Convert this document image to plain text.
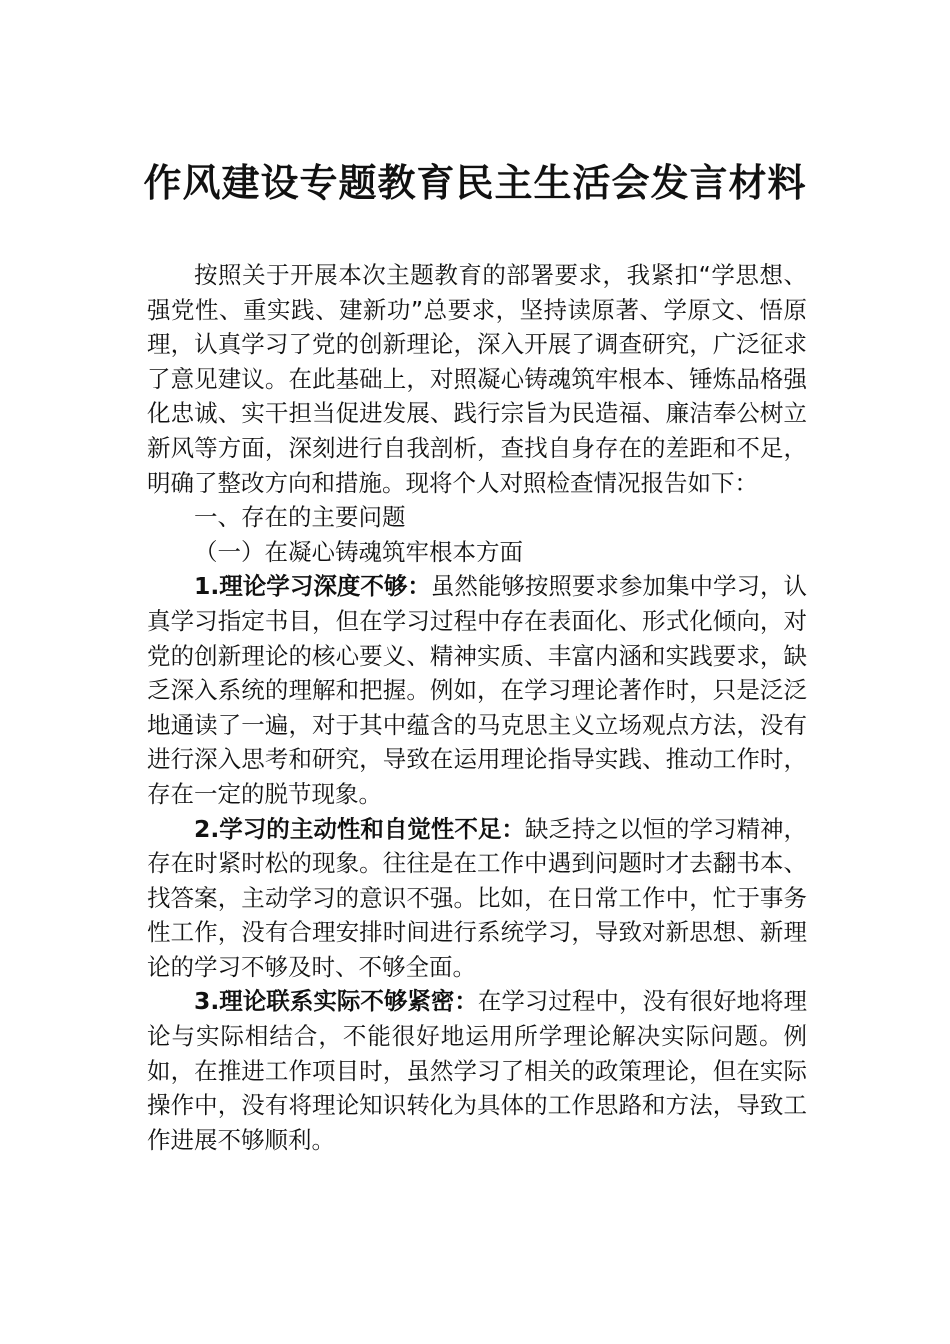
作风建设专题教育民主生活会发言材料

按照关于开展本次主题教育的部署要求，我紧扣“学思想、强党性、重实践、建新功”总要求，坚持读原著、学原文、悟原理，认真学习了党的创新理论，深入开展了调查研究，广泛征求了意见建议。在此基础上，对照凝心铸魂筑牢根本、锤炼品格强化忠诚、实干担当促进发展、践行宗旨为民造福、廉洁奉公树立新风等方面，深刻进行自我剖析，查找自身存在的差距和不足，明确了整改方向和措施。现将个人对照检查情况报告如下：

一、存在的主要问题
（一）在凝心铸魂筑牢根本方面

1.理论学习深度不够：虽然能够按照要求参加集中学习，认真学习指定书目，但在学习过程中存在表面化、形式化倾向，对党的创新理论的核心要义、精神实质、丰富内涵和实践要求，缺乏深入系统的理解和把握。例如，在学习理论著作时，只是泛泛地通读了一遍，对于其中蕴含的马克思主义立场观点方法，没有进行深入思考和研究，导致在运用理论指导实践、推动工作时，存在一定的脱节现象。

2.学习的主动性和自觉性不足：缺乏持之以恒的学习精神，存在时紧时松的现象。往往是在工作中遇到问题时才去翻书本、找答案，主动学习的意识不强。比如，在日常工作中，忙于事务性工作，没有合理安排时间进行系统学习，导致对新思想、新理论的学习不够及时、不够全面。

3.理论联系实际不够紧密：在学习过程中，没有很好地将理论与实际相结合，不能很好地运用所学理论解决实际问题。例如，在推进工作项目时，虽然学习了相关的政策理论，但在实际操作中，没有将理论知识转化为具体的工作思路和方法，导致工作进展不够顺利。
